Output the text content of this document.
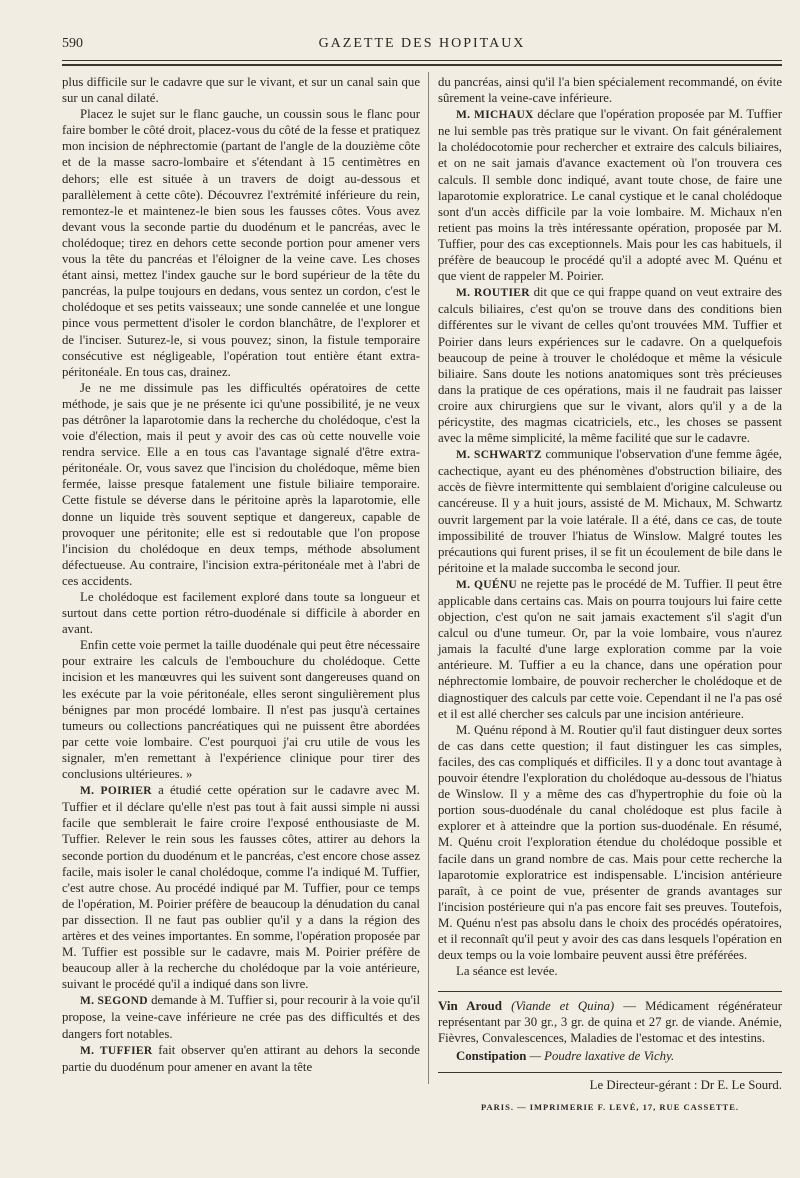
590	GAZETTE DES HOPITAUX

plus difficile sur le cadavre que sur le vivant, et sur un canal sain que sur un canal dilaté.

Placez le sujet sur le flanc gauche, un coussin sous le flanc pour faire bomber le côté droit, placez-vous du côté de la fesse et pratiquez mon incision de néphrectomie (partant de l'angle de la douzième côte et de la masse sacro-lombaire et s'étendant à 15 centimètres en dehors; elle est située à un travers de doigt au-dessous et parallèlement à cette côte). Découvrez l'extrémité inférieure du rein, remontez-le et maintenez-le bien sous les fausses côtes. Vous avez devant vous la seconde partie du duodénum et le pancréas, avec le cholédoque; tirez en dehors cette seconde portion pour amener vers vous la tête du pancréas et l'éloigner de la veine cave. Les choses étant ainsi, mettez l'index gauche sur le bord supérieur de la tête du pancréas, la pulpe toujours en dedans, vous sentez un cordon, c'est le cholédoque et ses petits vaisseaux; une sonde cannelée et une longue pince vous permettent d'isoler le cordon blanchâtre, de l'explorer et de l'inciser. Suturez-le, si vous pouvez; sinon, la fistule temporaire consécutive est négligeable, l'opération tout entière étant extra-péritonéale. En tous cas, drainez.

Je ne me dissimule pas les difficultés opératoires de cette méthode, je sais que je ne présente ici qu'une possibilité, je ne veux pas détrôner la laparotomie dans la recherche du cholédoque, c'est la voie d'élection, mais il peut y avoir des cas où cette nouvelle voie rendra service. Elle a en tous cas l'avantage signalé d'être extra-péritonéale. Or, vous savez que l'incision du cholédoque, même bien fermée, laisse presque fatalement une fistule biliaire temporaire. Cette fistule se déverse dans le péritoine après la laparotomie, elle donne un liquide très souvent septique et dangereux, capable de provoquer une péritonite; elle est si redoutable que l'on propose l'incision du cholédoque en deux temps, méthode absolument défectueuse. Au contraire, l'incision extra-péritonéale met à l'abri de ces accidents.

Le cholédoque est facilement exploré dans toute sa longueur et surtout dans cette portion rétro-duodénale si difficile à aborder en avant.

Enfin cette voie permet la taille duodénale qui peut être nécessaire pour extraire les calculs de l'embouchure du cholédoque. Cette incision et les manœuvres qui les suivent sont dangereuses quand on les exécute par la voie péritonéale, elles seront singulièrement plus bénignes par mon procédé lombaire. Il n'est pas jusqu'à certaines tumeurs ou collections pancréatiques qui ne puissent être abordées par cette voie lombaire. C'est pourquoi j'ai cru utile de vous les signaler, m'en remettant à l'expérience clinique pour tirer des conclusions ultérieures. »

M. POIRIER a étudié cette opération sur le cadavre avec M. Tuffier et il déclare qu'elle n'est pas tout à fait aussi simple ni aussi facile que semblerait le faire croire l'exposé enthousiaste de M. Tuffier. Relever le rein sous les fausses côtes, attirer au dehors la seconde portion du duodénum et le pancréas, c'est encore chose assez facile, mais isoler le canal cholédoque, comme l'a indiqué M. Tuffier, c'est autre chose. Au procédé indiqué par M. Tuffier, pour ce temps de l'opération, M. Poirier préfère de beaucoup la dénudation du canal par dissection. Il ne faut pas oublier qu'il y a dans la région des artères et des veines importantes. En somme, l'opération proposée par M. Tuffier est possible sur le cadavre, mais M. Poirier préfère de beaucoup aller à la recherche du cholédoque par la voie antérieure, suivant le procédé qu'il a indiqué dans son livre.

M. SEGOND demande à M. Tuffier si, pour recourir à la voie qu'il propose, la veine-cave inférieure ne crée pas des difficultés et des dangers fort notables.

M. TUFFIER fait observer qu'en attirant au dehors la seconde partie du duodénum pour amener en avant la tête

du pancréas, ainsi qu'il l'a bien spécialement recommandé, on évite sûrement la veine-cave inférieure.

M. MICHAUX déclare que l'opération proposée par M. Tuffier ne lui semble pas très pratique sur le vivant. On fait généralement la cholédocotomie pour rechercher et extraire des calculs biliaires, et on ne sait jamais d'avance exactement où l'on trouvera ces calculs. Il semble donc indiqué, avant toute chose, de faire une laparotomie exploratrice. Le canal cystique et le canal cholédoque sont d'un accès difficile par la voie lombaire. M. Michaux n'en retient pas moins la très intéressante opération, proposée par M. Tuffier, pour des cas exceptionnels. Mais pour les cas habituels, il préfère de beaucoup le procédé qu'il a adopté avec M. Quénu et que vient de rappeler M. Poirier.

M. ROUTIER dit que ce qui frappe quand on veut extraire des calculs biliaires, c'est qu'on se trouve dans des conditions bien différentes sur le vivant de celles qu'ont trouvées MM. Tuffier et Poirier dans leurs expériences sur le cadavre. On a quelquefois beaucoup de peine à trouver le cholédoque et même la vésicule biliaire. Sans doute les notions anatomiques sont très précieuses dans la pratique de ces opérations, mais il ne faudrait pas laisser croire aux chirurgiens que sur le vivant, alors qu'il y a de la péricystite, des magmas cicatriciels, etc., les choses se passent avec la même simplicité, la même facilité que sur le cadavre.

M. SCHWARTZ communique l'observation d'une femme âgée, cachectique, ayant eu des phénomènes d'obstruction biliaire, des accès de fièvre intermittente qui semblaient d'origine calculeuse ou cancéreuse. Il y a huit jours, assisté de M. Michaux, M. Schwartz ouvrit largement par la voie latérale. Il a été, dans ce cas, de toute impossibilité de trouver l'hiatus de Winslow. Malgré toutes les précautions qui furent prises, il se fit un écoulement de bile dans le péritoine et la malade succomba le second jour.

M. QUÉNU ne rejette pas le procédé de M. Tuffier. Il peut être applicable dans certains cas. Mais on pourra toujours lui faire cette objection, c'est qu'on ne sait jamais exactement s'il s'agit d'un calcul ou d'une tumeur. Or, par la voie lombaire, vous n'aurez jamais la faculté d'une large exploration comme par la voie antérieure. M. Tuffier a eu la chance, dans une opération pour néphrectomie lombaire, de pouvoir rechercher le cholédoque et de diagnostiquer des calculs par cette voie. Cependant il ne l'a pas osé et il est allé chercher ses calculs par une incision antérieure.

M. Quénu répond à M. Routier qu'il faut distinguer deux sortes de cas dans cette question; il faut distinguer les cas simples, faciles, des cas compliqués et difficiles. Il y a donc tout avantage à pouvoir étendre l'exploration du cholédoque au-dessous de l'hiatus de Winslow. Il y a même des cas d'hypertrophie du foie où la portion sous-duodénale du canal cholédoque est plus facile à explorer et à atteindre que la portion sus-duodénale. En résumé, M. Quénu croit l'exploration étendue du cholédoque possible et facile dans un grand nombre de cas. Mais pour cette recherche la laparotomie exploratrice est indispensable. L'incision antérieure paraît, à ce point de vue, présenter de grands avantages sur l'incision postérieure qui n'a pas encore fait ses preuves. Toutefois, M. Quénu n'est pas absolu dans le choix des procédés opératoires, et il reconnaît qu'il peut y avoir des cas dans lesquels l'opération en deux temps ou la voie lombaire peuvent aussi être préférées.

La séance est levée.

Vin Aroud (Viande et Quina) — Médicament régénérateur représentant par 30 gr., 3 gr. de quina et 27 gr. de viande. Anémie, Fièvres, Convalescences, Maladies de l'estomac et des intestins.

Constipation — Poudre laxative de Vichy.

Le Directeur-gérant : Dr E. Le Sourd.
PARIS. — IMPRIMERIE F. LEVÉ, 17, RUE CASSETTE.
